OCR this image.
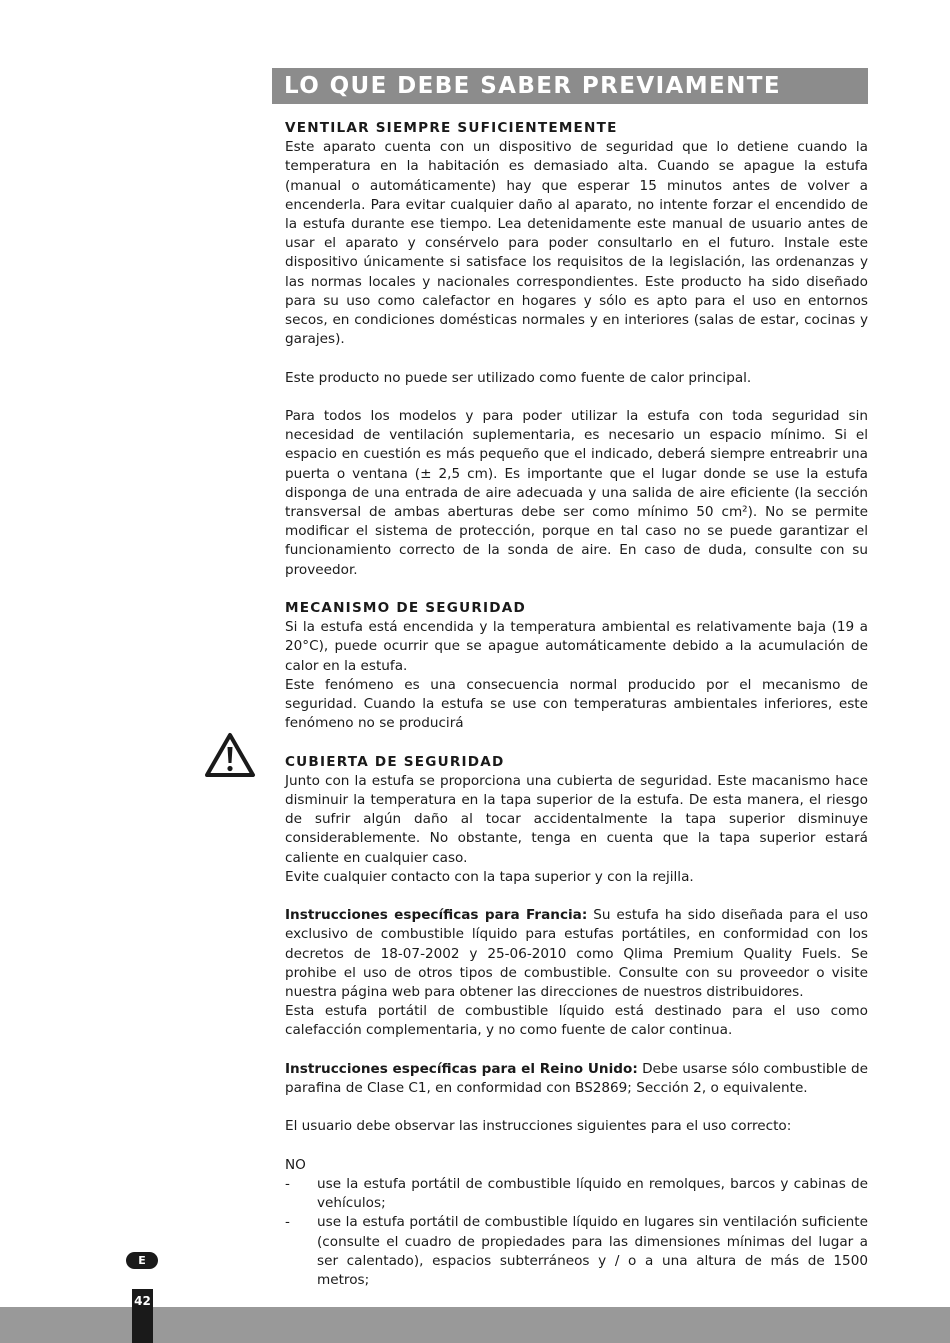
LO QUE DEBE SABER PREVIAMENTE
VENTILAR SIEMPRE SUFICIENTEMENTE

Este aparato cuenta con un dispositivo de seguridad que lo detiene cuando la temperatura en la habitación es demasiado alta. Cuando se apague la estufa (manual o automáticamente) hay que esperar 15 minutos antes de volver a encenderla. Para evitar cualquier daño al aparato, no intente forzar el encendido de la estufa durante ese tiempo. Lea detenidamente este manual de usuario antes de usar el aparato y consérvelo para poder consultarlo en el futuro. Instale este dispositivo únicamente si satisface los requisitos de la legislación, las ordenanzas y las normas locales y nacionales correspondientes. Este producto ha sido diseñado para su uso como calefactor en hogares y sólo es apto para el uso en entornos secos, en condiciones domésticas normales y en interiores (salas de estar, cocinas y garajes).

Este producto no puede ser utilizado como fuente de calor principal.

Para todos los modelos y para poder utilizar la estufa con toda seguridad sin necesidad de ventilación suplementaria, es necesario un espacio mínimo. Si el espacio en cuestión es más pequeño que el indicado, deberá siempre entreabrir una puerta o ventana (± 2,5 cm). Es importante que el lugar donde se use la estufa disponga de una entrada de aire adecuada y una salida de aire eficiente (la sección transversal de ambas aberturas debe ser como mínimo 50 cm²). No se permite modificar el sistema de protección, porque en tal caso no se puede garantizar el funcionamiento correcto de la sonda de aire. En caso de duda, consulte con su proveedor.

MECANISMO DE SEGURIDAD

Si la estufa está encendida y la temperatura ambiental es relativamente baja (19 a 20°C), puede ocurrir que se apague automáticamente debido a la acumulación de calor en la estufa.

Este fenómeno es una consecuencia normal producido por el mecanismo de seguridad. Cuando la estufa se use con temperaturas ambientales inferiores, este fenómeno no se producirá

CUBIERTA DE SEGURIDAD

Junto con la estufa se proporciona una cubierta de seguridad. Este macanismo hace disminuir la temperatura en la tapa superior de la estufa. De esta manera, el riesgo de sufrir algún daño al tocar accidentalmente la tapa superior disminuye considerablemente. No obstante, tenga en cuenta que la tapa superior estará caliente en cualquier caso.

Evite cualquier contacto con la tapa superior y con la rejilla.

Instrucciones específicas para Francia: Su estufa ha sido diseñada para el uso exclusivo de combustible líquido para estufas portátiles, en conformidad con los decretos de 18-07-2002 y 25-06-2010 como Qlima Premium Quality Fuels. Se prohibe el uso de otros tipos de combustible. Consulte con su proveedor o visite nuestra página web para obtener las direcciones de nuestros distribuidores.

Esta estufa portátil de combustible líquido está destinado para el uso como calefacción complementaria, y no como fuente de calor continua.

Instrucciones específicas para el Reino Unido: Debe usarse sólo combustible de parafina de Clase C1, en conformidad con BS2869; Sección 2, o equivalente.

El usuario debe observar las instrucciones siguientes para el uso correcto:

NO

- use la estufa portátil de combustible líquido en remolques, barcos y cabinas de vehículos;
- use la estufa portátil de combustible líquido en lugares sin ventilación suficiente (consulte el cuadro de propiedades para las dimensiones mínimas del lugar a ser calentado), espacios subterráneos y / o a una altura de más de 1500 metros;
E
42
